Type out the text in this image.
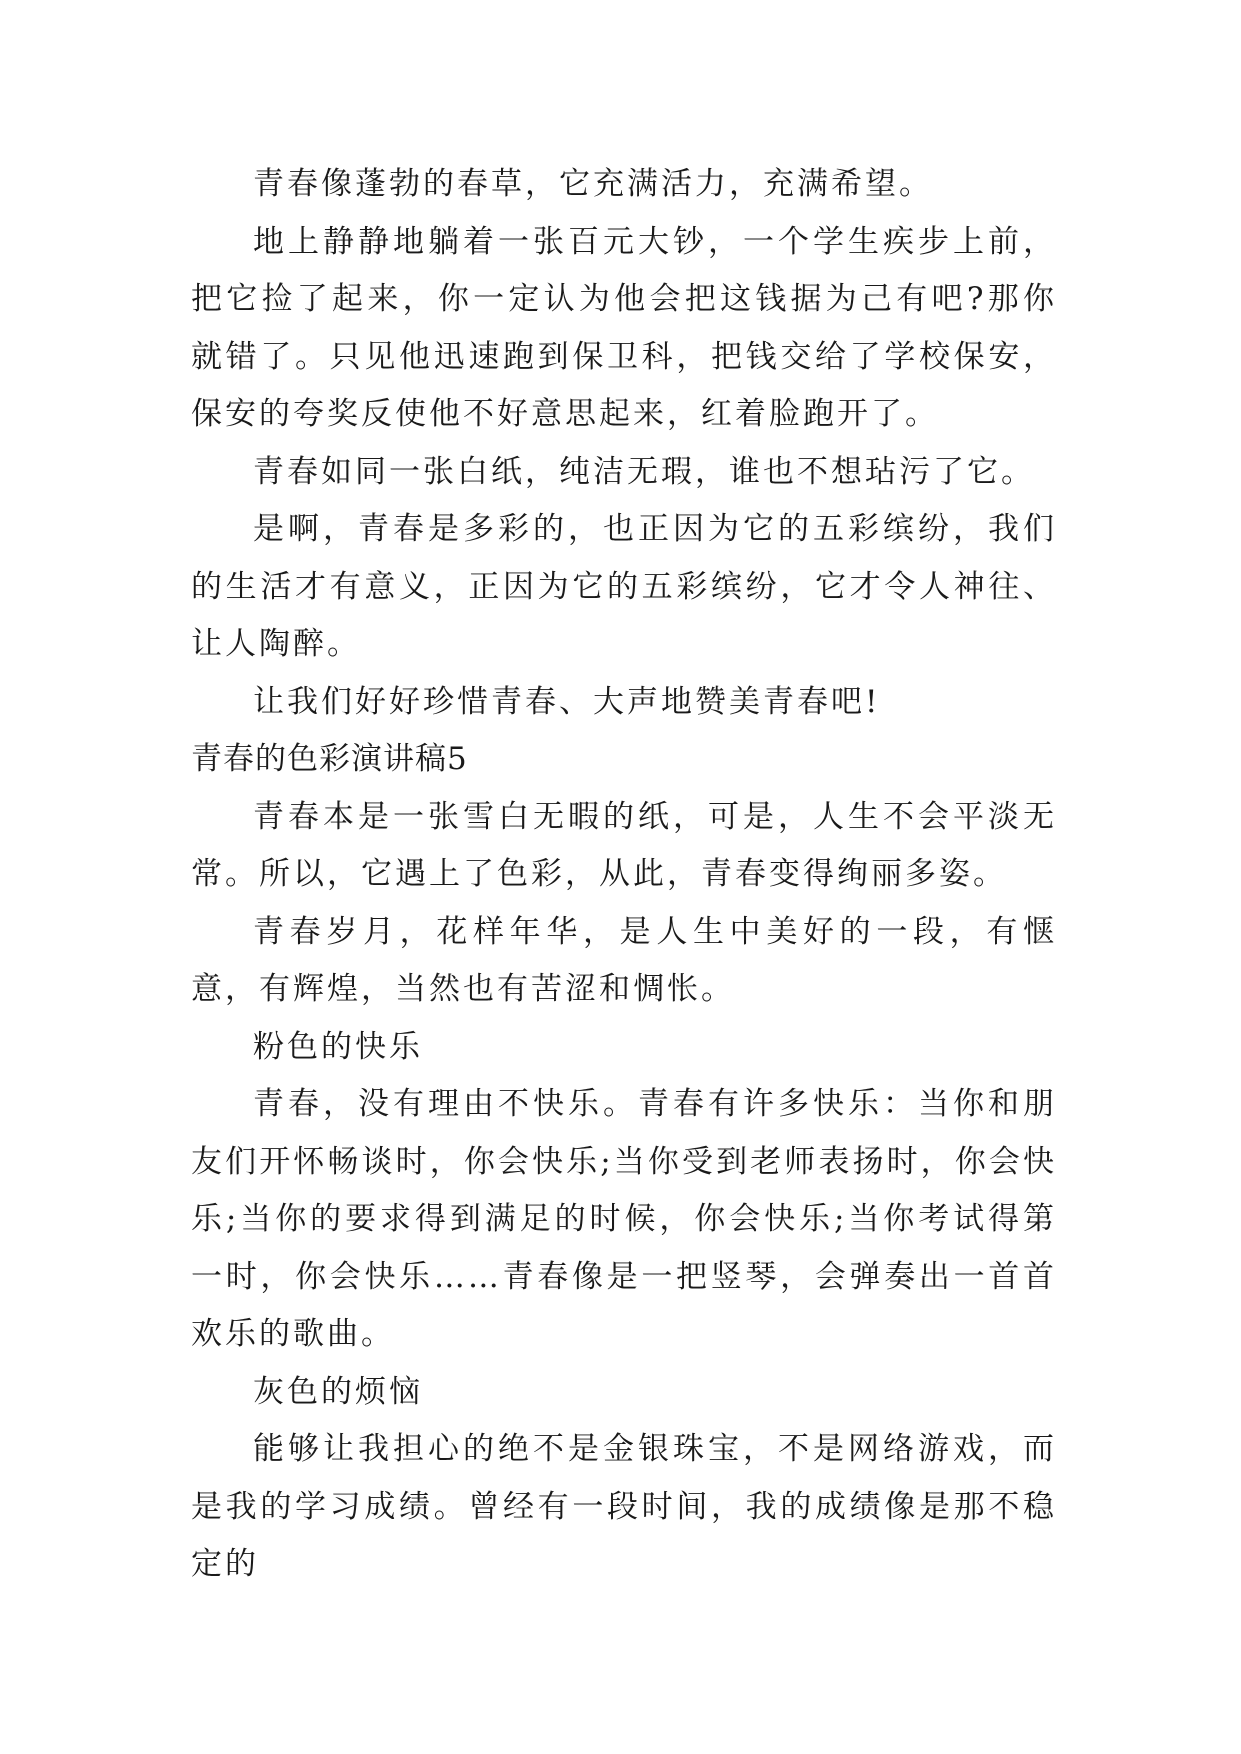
青春像蓬勃的春草，它充满活力，充满希望。

地上静静地躺着一张百元大钞，一个学生疾步上前，把它捡了起来，你一定认为他会把这钱据为己有吧?那你就错了。只见他迅速跑到保卫科，把钱交给了学校保安，保安的夸奖反使他不好意思起来，红着脸跑开了。

青春如同一张白纸，纯洁无瑕，谁也不想玷污了它。

是啊，青春是多彩的，也正因为它的五彩缤纷，我们的生活才有意义，正因为它的五彩缤纷，它才令人神往、让人陶醉。

让我们好好珍惜青春、大声地赞美青春吧!

青春的色彩演讲稿5

青春本是一张雪白无暇的纸，可是，人生不会平淡无常。所以，它遇上了色彩，从此，青春变得绚丽多姿。

青春岁月，花样年华，是人生中美好的一段，有惬意，有辉煌，当然也有苦涩和惆怅。

粉色的快乐

青春，没有理由不快乐。青春有许多快乐：当你和朋友们开怀畅谈时，你会快乐;当你受到老师表扬时，你会快乐;当你的要求得到满足的时候，你会快乐;当你考试得第一时，你会快乐……青春像是一把竖琴，会弹奏出一首首欢乐的歌曲。

灰色的烦恼

能够让我担心的绝不是金银珠宝，不是网络游戏，而是我的学习成绩。曾经有一段时间，我的成绩像是那不稳定的
